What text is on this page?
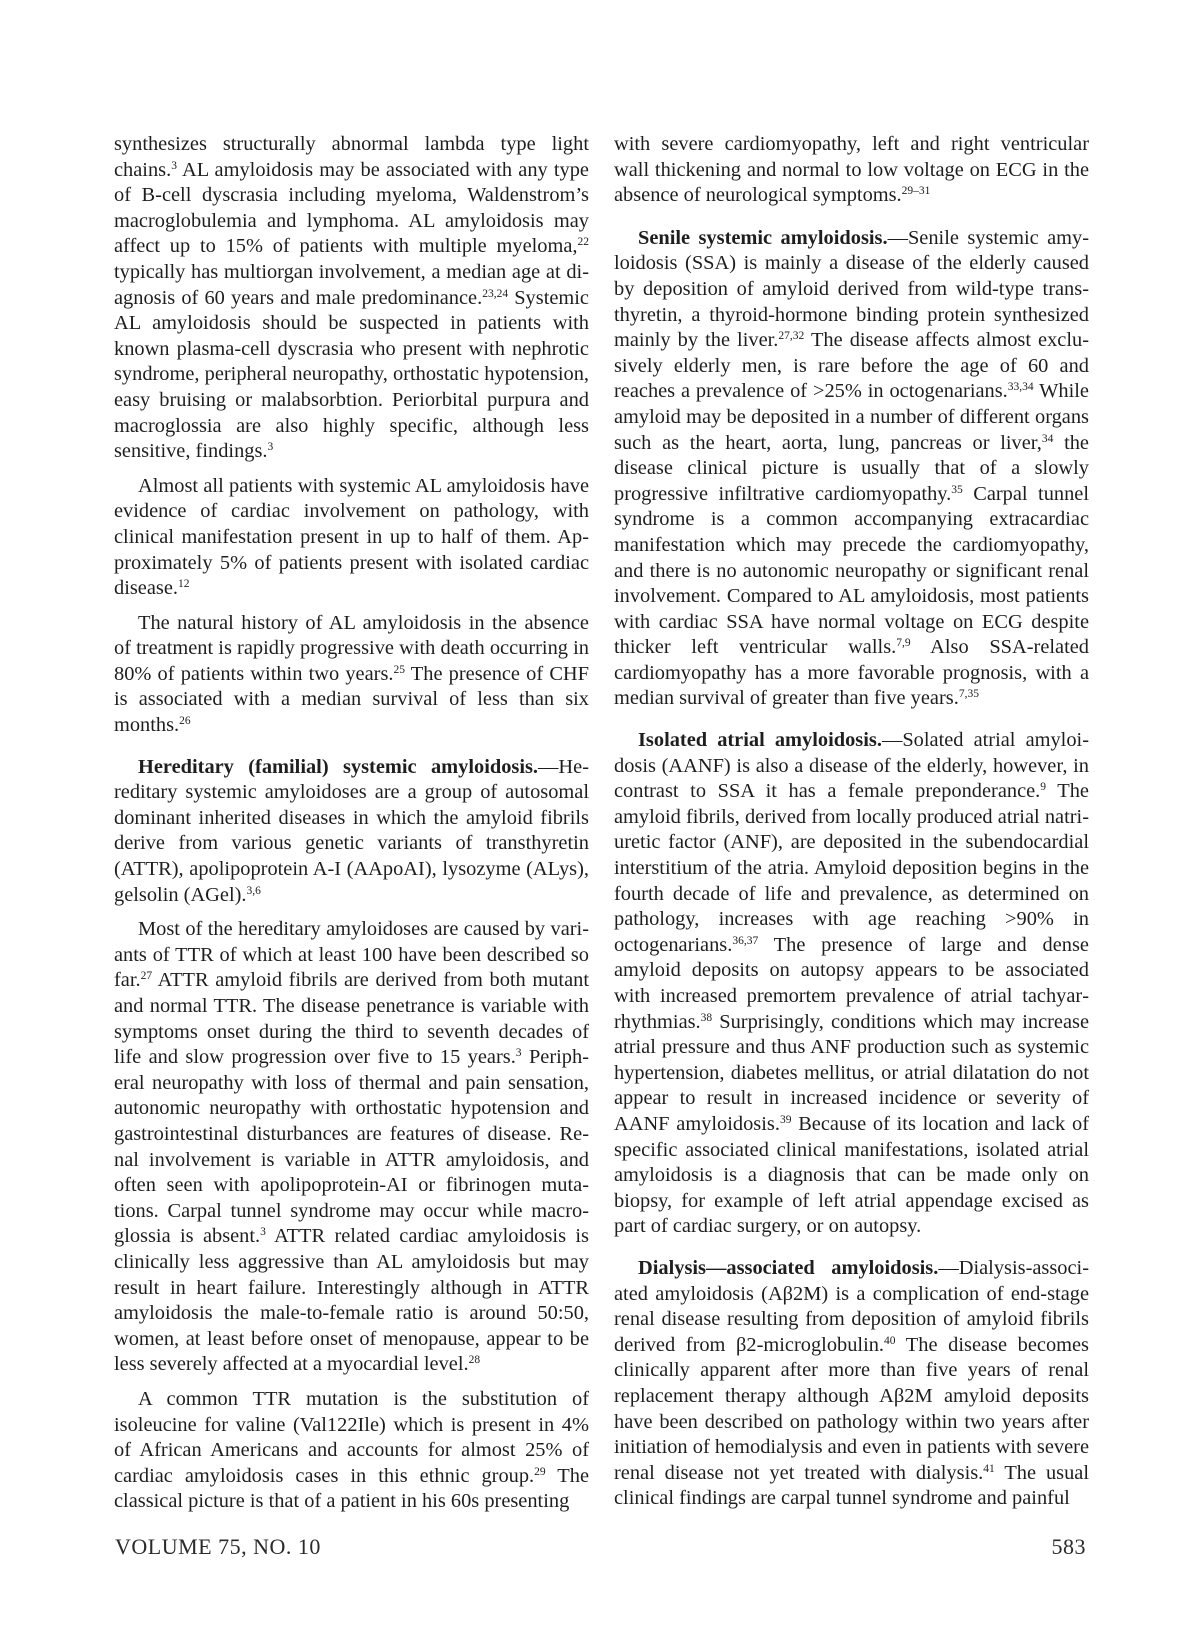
synthesizes structurally abnormal lambda type light chains.$^3$ AL amyloidosis may be associated with any type of B-cell dyscrasia including myeloma, Waldenstrom’s macroglobulemia and lymphoma. AL amyloidosis may affect up to 15% of patients with multiple myeloma,$^{22}$ typically has multiorgan involvement, a median age at diagnosis of 60 years and male predominance.$^{23,24}$ Systemic AL amyloidosis should be suspected in patients with known plasma-cell dyscrasia who present with nephrotic syndrome, peripheral neuropathy, orthostatic hypotension, easy bruising or malabsorbtion. Periorbital purpura and macroglossia are also highly specific, although less sensitive, findings.$^3$

Almost all patients with systemic AL amyloidosis have evidence of cardiac involvement on pathology, with clinical manifestation present in up to half of them. Approximately 5% of patients present with isolated cardiac disease.$^{12}$

The natural history of AL amyloidosis in the absence of treatment is rapidly progressive with death occurring in 80% of patients within two years.$^{25}$ The presence of CHF is associated with a median survival of less than six months.$^{26}$

Hereditary (familial) systemic amyloidosis.—Hereditary systemic amyloidoses are a group of autosomal dominant inherited diseases in which the amyloid fibrils derive from various genetic variants of transthyretin (ATTR), apolipoprotein A-I (AApoAI), lysozyme (ALys), gelsolin (AGel).$^{3,6}$

Most of the hereditary amyloidoses are caused by variants of TTR of which at least 100 have been described so far.$^{27}$ ATTR amyloid fibrils are derived from both mutant and normal TTR. The disease penetrance is variable with symptoms onset during the third to seventh decades of life and slow progression over five to 15 years.$^3$ Peripheral neuropathy with loss of thermal and pain sensation, autonomic neuropathy with orthostatic hypotension and gastrointestinal disturbances are features of disease. Renal involvement is variable in ATTR amyloidosis, and often seen with apolipoprotein-AI or fibrinogen mutations. Carpal tunnel syndrome may occur while macroglossia is absent.$^3$ ATTR related cardiac amyloidosis is clinically less aggressive than AL amyloidosis but may result in heart failure. Interestingly although in ATTR amyloidosis the male-to-female ratio is around 50:50, women, at least before onset of menopause, appear to be less severely affected at a myocardial level.$^{28}$

A common TTR mutation is the substitution of isoleucine for valine (Val122Ile) which is present in 4% of African Americans and accounts for almost 25% of cardiac amyloidosis cases in this ethnic group.$^{29}$ The classical picture is that of a patient in his 60s presenting

with severe cardiomyopathy, left and right ventricular wall thickening and normal to low voltage on ECG in the absence of neurological symptoms.$^{29-31}$

Senile systemic amyloidosis.—Senile systemic amyloidosis (SSA) is mainly a disease of the elderly caused by deposition of amyloid derived from wild-type transthyretin, a thyroid-hormone binding protein synthesized mainly by the liver.$^{27,32}$ The disease affects almost exclusively elderly men, is rare before the age of 60 and reaches a prevalence of >25% in octogenarians.$^{33,34}$ While amyloid may be deposited in a number of different organs such as the heart, aorta, lung, pancreas or liver,$^{34}$ the disease clinical picture is usually that of a slowly progressive infiltrative cardiomyopathy.$^{35}$ Carpal tunnel syndrome is a common accompanying extracardiac manifestation which may precede the cardiomyopathy, and there is no autonomic neuropathy or significant renal involvement. Compared to AL amyloidosis, most patients with cardiac SSA have normal voltage on ECG despite thicker left ventricular walls.$^{7,9}$ Also SSA-related cardiomyopathy has a more favorable prognosis, with a median survival of greater than five years.$^{7,35}$

Isolated atrial amyloidosis.—Solated atrial amyloidosis (AANF) is also a disease of the elderly, however, in contrast to SSA it has a female preponderance.$^9$ The amyloid fibrils, derived from locally produced atrial natriuretic factor (ANF), are deposited in the subendocardial interstitium of the atria. Amyloid deposition begins in the fourth decade of life and prevalence, as determined on pathology, increases with age reaching >90% in octogenarians.$^{36,37}$ The presence of large and dense amyloid deposits on autopsy appears to be associated with increased premortem prevalence of atrial tachyarrhythmias.$^{38}$ Surprisingly, conditions which may increase atrial pressure and thus ANF production such as systemic hypertension, diabetes mellitus, or atrial dilatation do not appear to result in increased incidence or severity of AANF amyloidosis.$^{39}$ Because of its location and lack of specific associated clinical manifestations, isolated atrial amyloidosis is a diagnosis that can be made only on biopsy, for example of left atrial appendage excised as part of cardiac surgery, or on autopsy.

Dialysis—associated amyloidosis.—Dialysis-associated amyloidosis (Aβ2M) is a complication of end-stage renal disease resulting from deposition of amyloid fibrils derived from β2-microglobulin.$^{40}$ The disease becomes clinically apparent after more than five years of renal replacement therapy although Aβ2M amyloid deposits have been described on pathology within two years after initiation of hemodialysis and even in patients with severe renal disease not yet treated with dialysis.$^{41}$ The usual clinical findings are carpal tunnel syndrome and painful

VOLUME 75, NO. 10	583
